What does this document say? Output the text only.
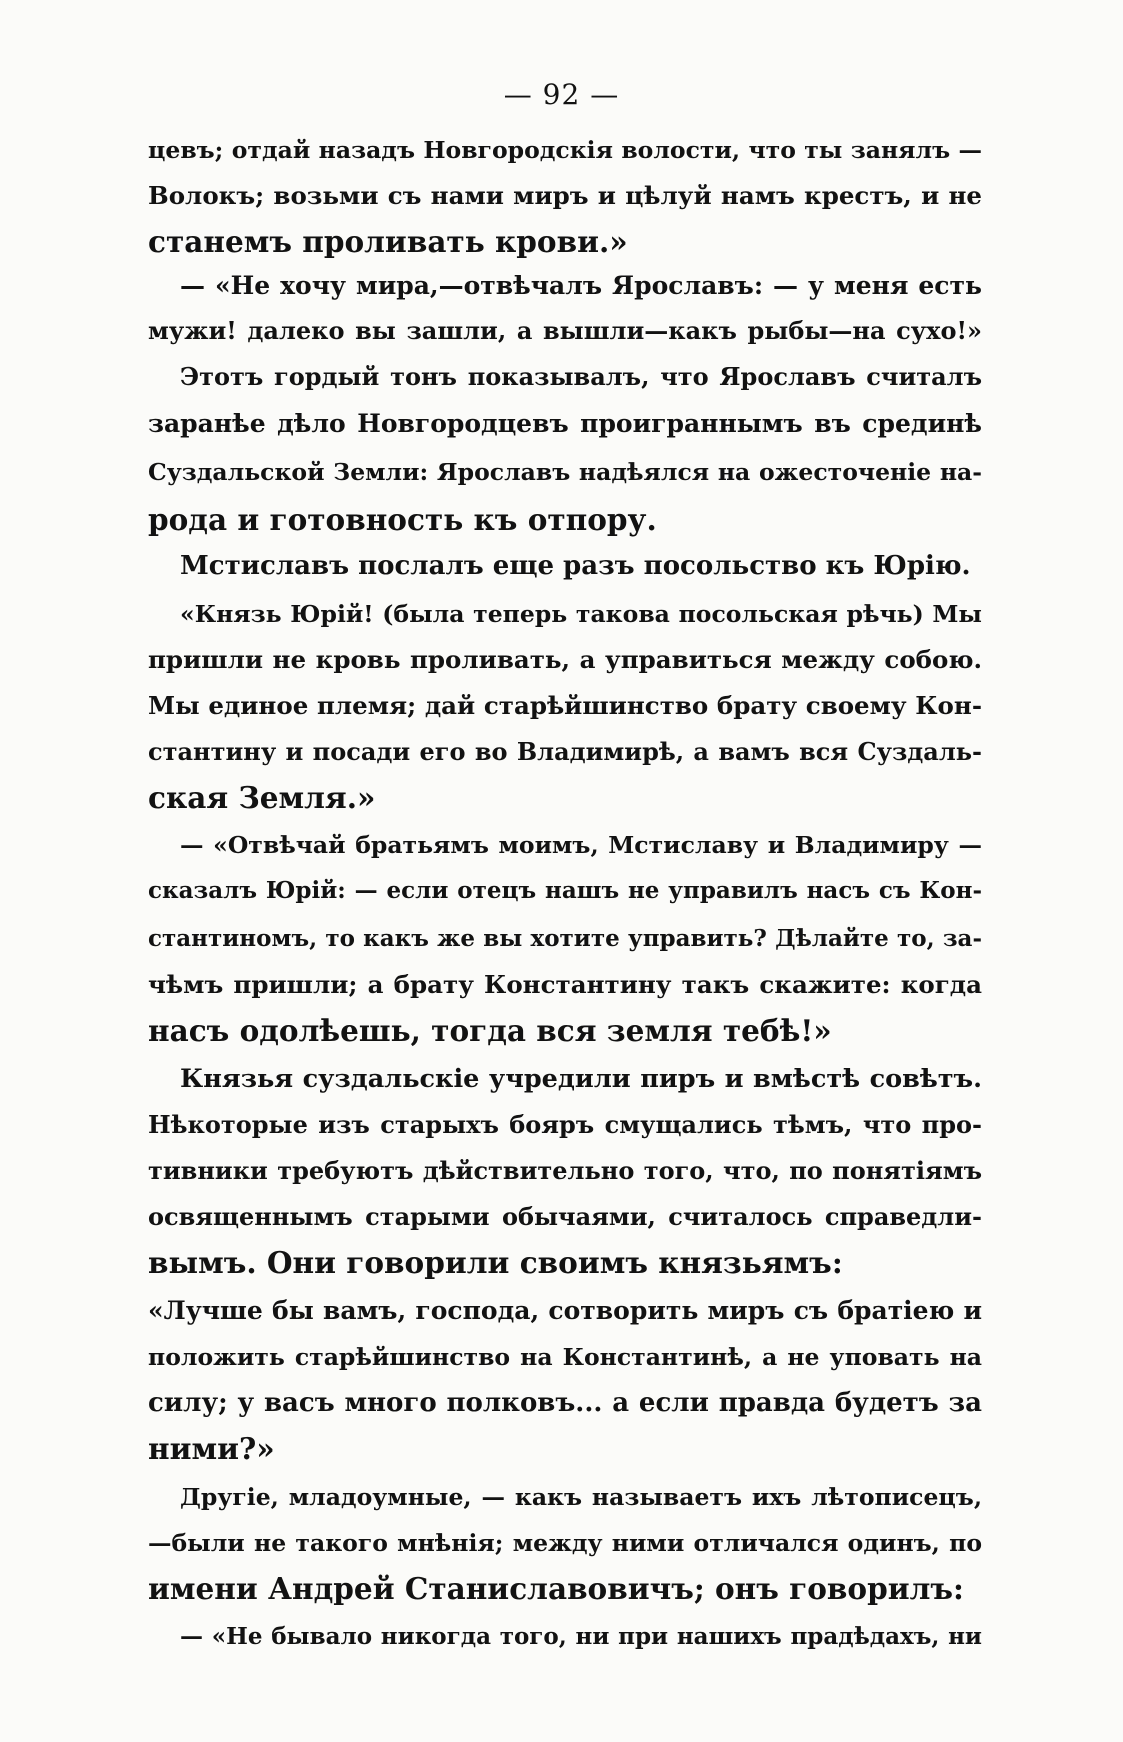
— 92 —
цевъ; отдай назадъ Новгородскія волости, что ты занялъ —
Волокъ; возьми съ нами миръ и цѣлуй намъ крестъ, и не
станемъ проливать крови.»
— «Не хочу мира,—отвѣчалъ Ярославъ: — у меня есть
мужи! далеко вы зашли, а вышли—какъ рыбы—на сухо!»
Этотъ гордый тонъ показывалъ, что Ярославъ считалъ
заранѣе дѣло Новгородцевъ проиграннымъ въ срединѣ
Суздальской Земли: Ярославъ надѣялся на ожесточеніе на-
рода и готовность къ отпору.
Мстиславъ послалъ еще разъ посольство къ Юрію.
«Князь Юрій! (была теперь такова посольская рѣчь) Мы
пришли не кровь проливать, а управиться между собою.
Мы единое племя; дай старѣйшинство брату своему Кон-
стантину и посади его во Владимирѣ, а вамъ вся Суздаль-
ская Земля.»
— «Отвѣчай братьямъ моимъ, Мстиславу и Владимиру —
сказалъ Юрій: — если отецъ нашъ не управилъ насъ съ Кон-
стантиномъ, то какъ же вы хотите управить? Дѣлайте то, за-
чѣмъ пришли; а брату Константину такъ скажите: когда
насъ одолѣешь, тогда вся земля тебѣ!»
Князья суздальскіе учредили пиръ и вмѣстѣ совѣтъ.
Нѣкоторые изъ старыхъ бояръ смущались тѣмъ, что про-
тивники требуютъ дѣйствительно того, что, по понятіямъ
освященнымъ старыми обычаями, считалось справедли-
вымъ. Они говорили своимъ князьямъ:
«Лучше бы вамъ, господа, сотворить миръ съ братіею и
положить старѣйшинство на Константинѣ, а не уповать на
силу; у васъ много полковъ... а если правда будетъ за
ними?»
Другіе, младоумные, — какъ называетъ ихъ лѣтописецъ,
—были не такого мнѣнія; между ними отличался одинъ, по
имени Андрей Станиславовичъ; онъ говорилъ:
— «Не бывало никогда того, ни при нашихъ прадѣдахъ, ни
